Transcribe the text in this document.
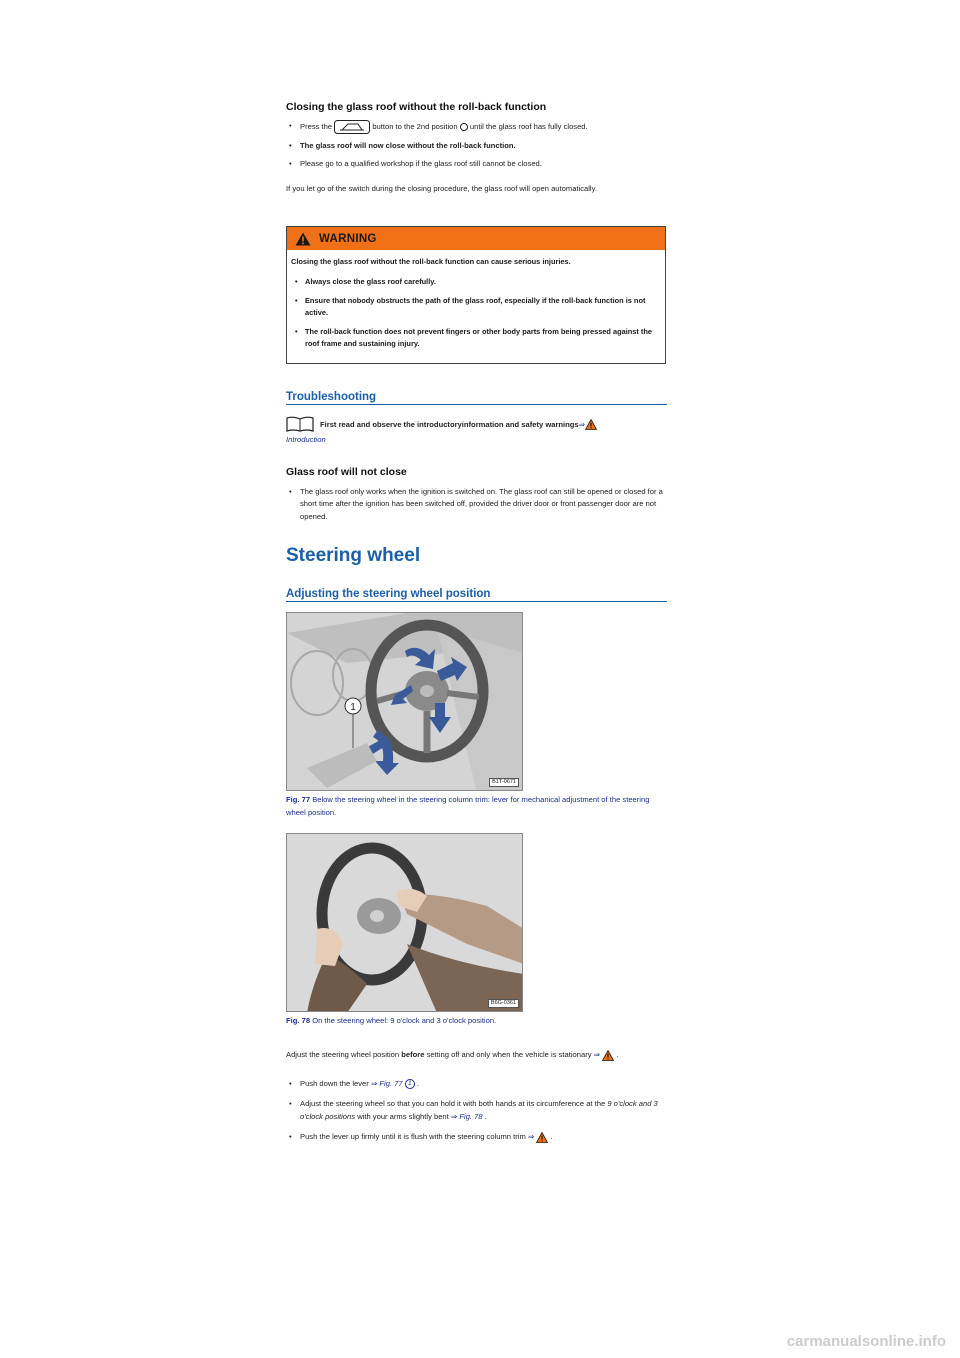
Closing the glass roof without the roll-back function
• Press the	button to the 2nd position until the glass roof has fully closed.
• The glass roof will now close without the roll-back function.
• Please go to a qualified workshop if the glass roof still cannot be closed.
If you let go of the switch during the closing procedure, the glass roof will open automatically.
WARNING
Closing the glass roof without the roll-back function can cause serious injuries.
• Always close the glass roof carefully.
• Ensure that nobody obstructs the path of the glass roof, especially if the roll-back function is not active.
• The roll-back function does not prevent fingers or other body parts from being pressed against the roof frame and sustaining injury.
Troubleshooting
First read and observe the introductoryinformation and safety warnings ⇒
Introduction
Glass roof will not close
• The glass roof only works when the ignition is switched on. The glass roof can still be opened or closed for a short time after the ignition has been switched off, provided the driver door or front passenger door are not opened.
Steering wheel
Adjusting the steering wheel position
1
B1T-0671
Fig. 77 Below the steering wheel in the steering column trim: lever for mechanical adjustment of the steering wheel position.
B6G-0361
Fig. 78 On the steering wheel: 9 o'clock and 3 o'clock position.
Adjust the steering wheel position before setting off and only when the vehicle is stationary ⇒  .
• Push down the lever ⇒ Fig. 77 1 .
• Adjust the steering wheel so that you can hold it with both hands at its circumference at the 9 o'clock and 3 o'clock positions with your arms slightly bent ⇒ Fig. 78 .
• Push the lever up firmly until it is flush with the steering column trim ⇒  .
carmanualsonline.info
